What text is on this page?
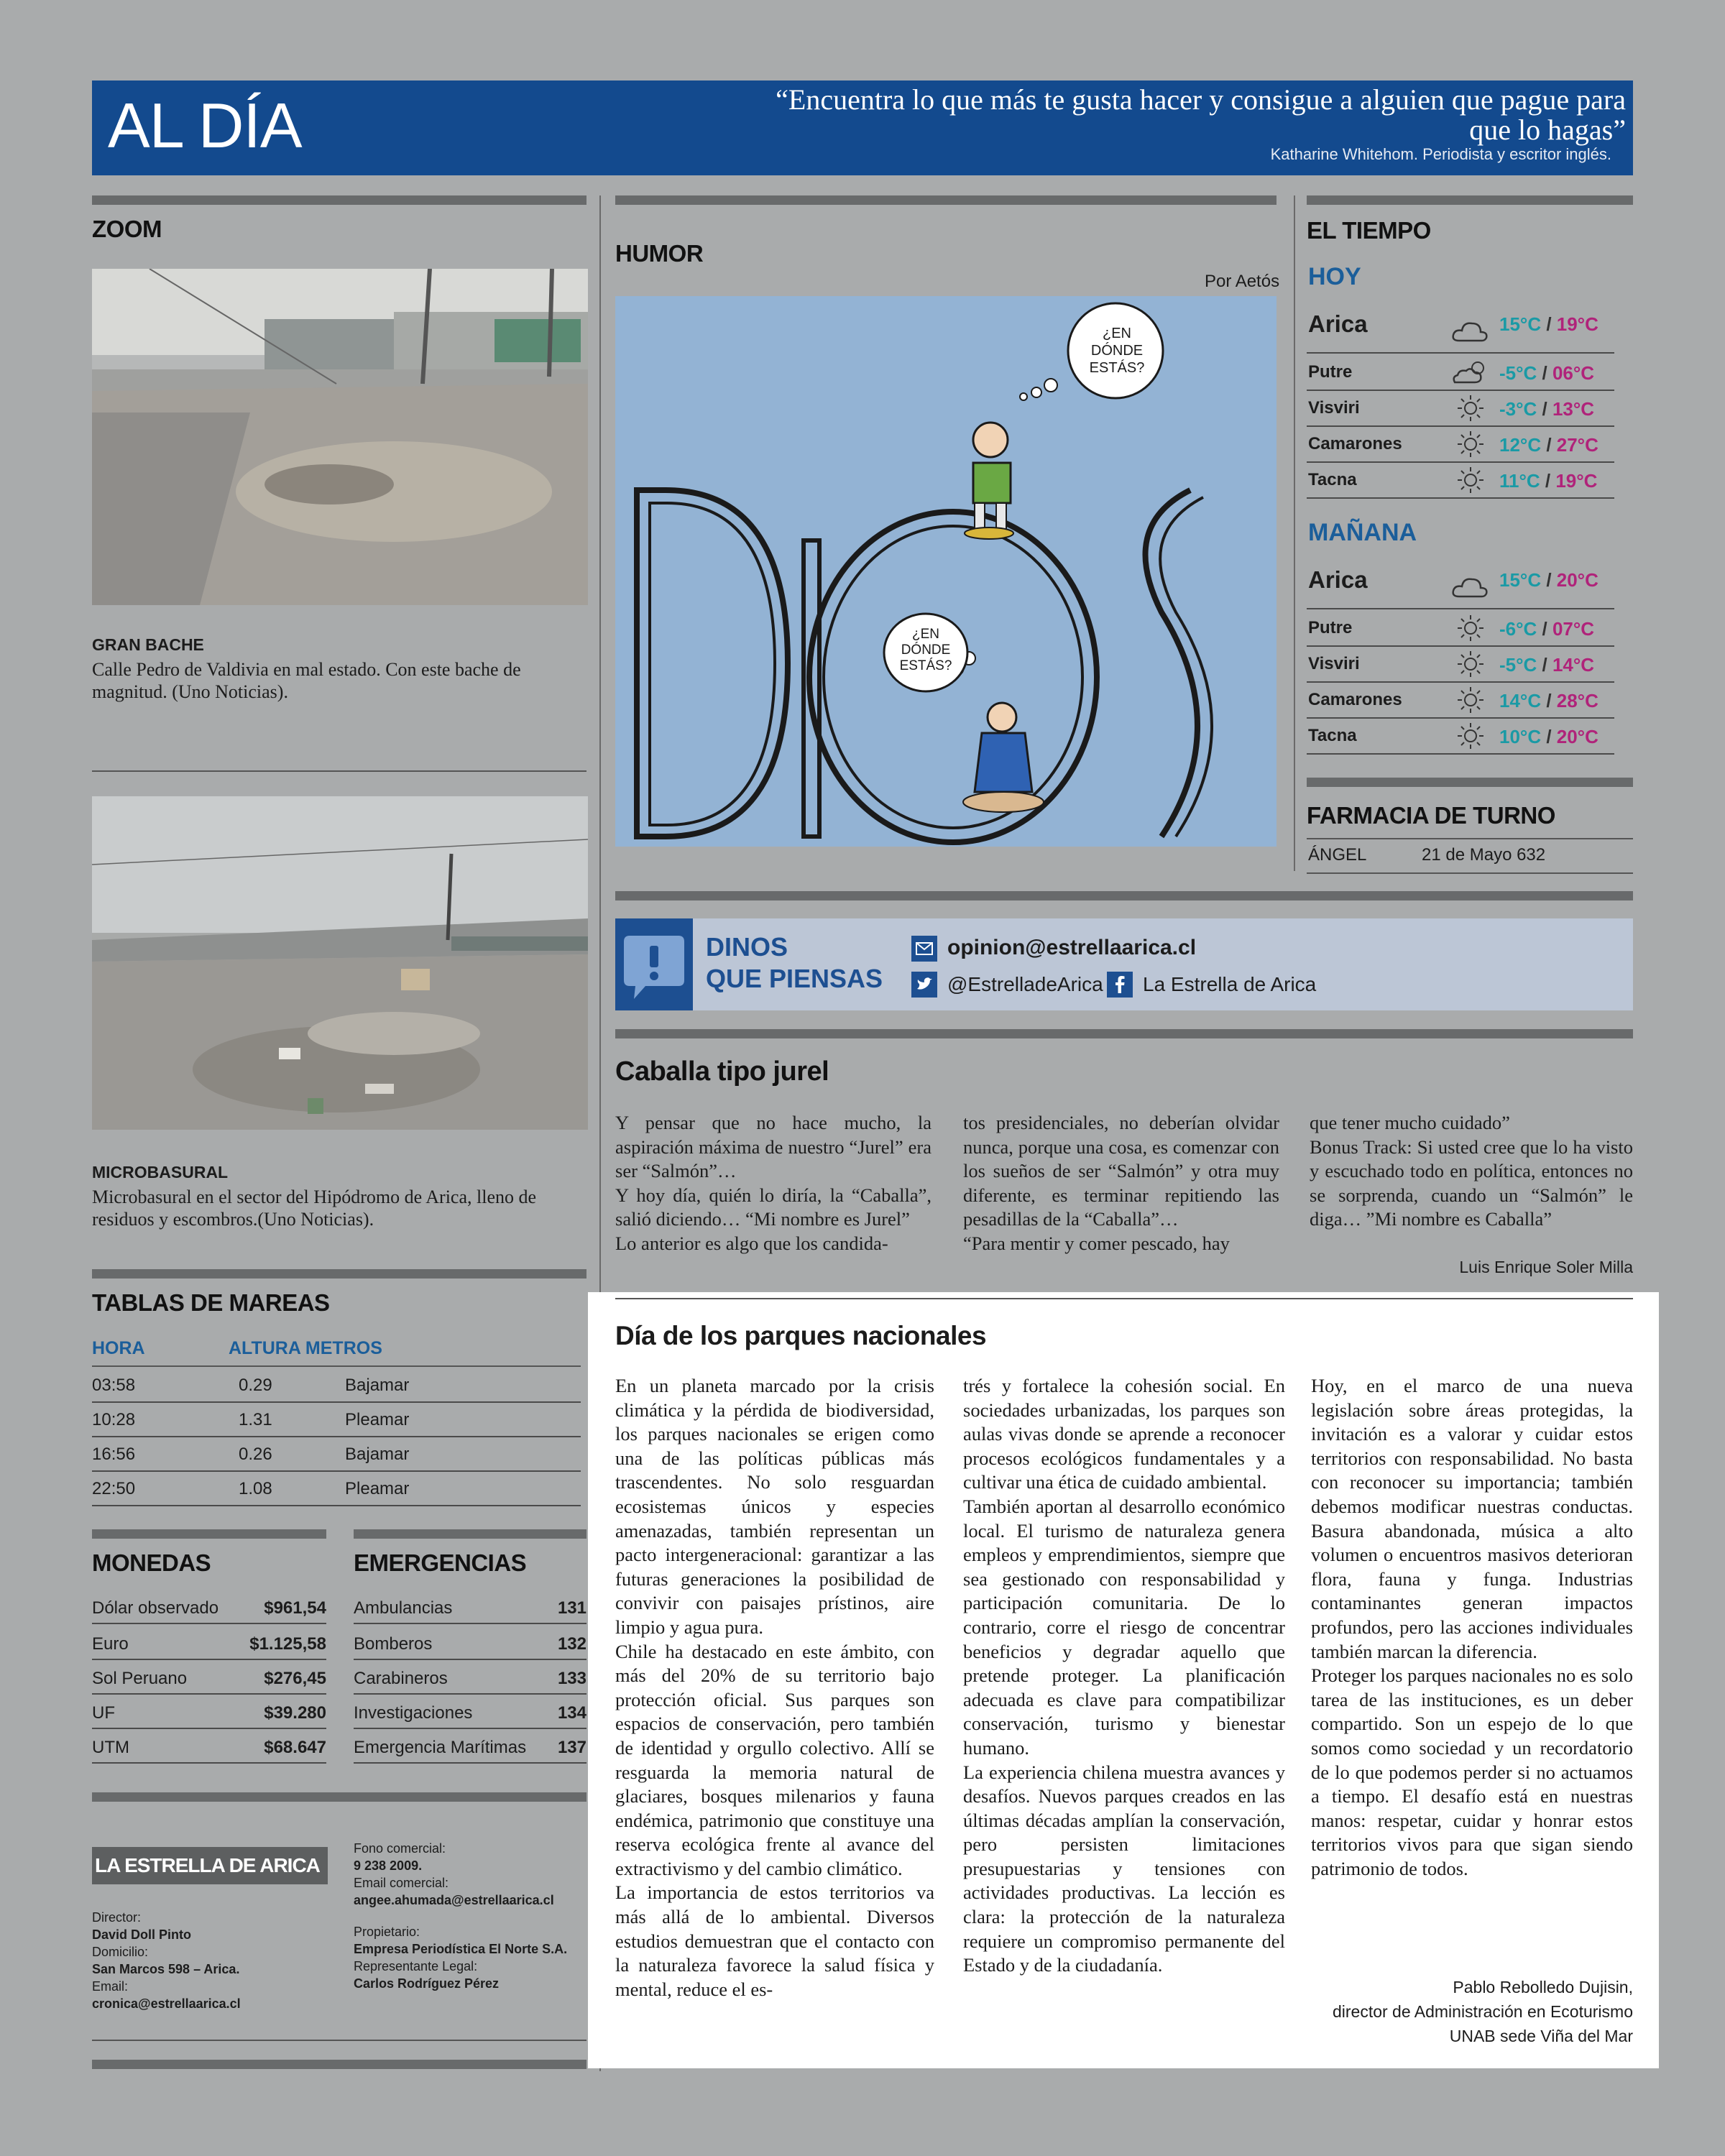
AL DÍA	“Encuentra lo que más te gusta hacer y consigue a alguien que pague para que lo hagas”
Katharine Whitehom. Periodista y escritor inglés.
ZOOM
GRAN BACHE
Calle Pedro de Valdivia en mal estado. Con este bache de magnitud. (Uno Noticias).
MICROBASURAL
Microbasural en el sector del Hipódromo de Arica, lleno de residuos y escombros.(Uno Noticias).
TABLAS DE MAREAS
HORA	ALTURA METROS
03:58	0.29	Bajamar
10:28	1.31	Pleamar
16:56	0.26	Bajamar
22:50	1.08	Pleamar
MONEDAS
Dólar observado	$961,54
Euro	$1.125,58
Sol Peruano	$276,45
UF	$39.280
UTM	$68.647
EMERGENCIAS
Ambulancias	131
Bomberos	132
Carabineros	133
Investigaciones	134
Emergencia Marítimas 137
LA ESTRELLA DE ARICA
Director:
David Doll Pinto
Domicilio:
San Marcos 598 – Arica.
Email:
cronica@estrellaarica.cl
Fono comercial:
9 238 2009.
Email comercial:
angee.ahumada@estrellaarica.cl
Propietario:
Empresa Periodística El Norte S.A.
Representante Legal:
Carlos Rodríguez Pérez
HUMOR
Por Aetós
¿EN DÓNDE ESTÁS?
¿EN DÓNDE ESTÁS?
EL TIEMPO
HOY
Arica	15°C / 19°C
Putre	-5°C / 06°C
Visviri	-3°C / 13°C
Camarones	12°C / 27°C
Tacna	11°C / 19°C
MAÑANA
Arica	15°C / 20°C
Putre	-6°C / 07°C
Visviri	-5°C / 14°C
Camarones	14°C / 28°C
Tacna	10°C / 20°C
FARMACIA DE TURNO
ÁNGEL	21 de Mayo 632
DINOS
QUE PIENSAS
opinion@estrellaarica.cl
@EstrelladeArica La Estrella de Arica
Caballa tipo jurel
Y pensar que no hace mucho, la aspiración máxima de nuestro “Jurel” era ser “Salmón”…
Y hoy día, quién lo diría, la “Caballa”, salió diciendo… “Mi nombre es Jurel”
Lo anterior es algo que los candida-
tos presidenciales, no deberían olvidar nunca, porque una cosa, es comenzar con los sueños de ser “Salmón” y otra muy diferente, es terminar repitiendo las pesadillas de la “Caballa”…
“Para mentir y comer pescado, hay
que tener mucho cuidado”
Bonus Track: Si usted cree que lo ha visto y escuchado todo en política, entonces no se sorprenda, cuando un “Salmón” le diga… ”Mi nombre es Caballa”
Luis Enrique Soler Milla
Día de los parques nacionales
En un planeta marcado por la crisis climática y la pérdida de biodiversidad, los parques nacionales se erigen como una de las políticas públicas más trascendentes. No solo resguardan ecosistemas únicos y especies amenazadas, también representan un pacto intergeneracional: garantizar a las futuras generaciones la posibilidad de convivir con paisajes prístinos, aire limpio y agua pura.
Chile ha destacado en este ámbito, con más del 20% de su territorio bajo protección oficial. Sus parques son espacios de conservación, pero también de identidad y orgullo colectivo. Allí se resguarda la memoria natural de glaciares, bosques milenarios y fauna endémica, patrimonio que constituye una reserva ecológica frente al avance del extractivismo y del cambio climático.
La importancia de estos territorios va más allá de lo ambiental. Diversos estudios demuestran que el contacto con la naturaleza favorece la salud física y mental, reduce el es-
trés y fortalece la cohesión social. En sociedades urbanizadas, los parques son aulas vivas donde se aprende a reconocer procesos ecológicos fundamentales y a cultivar una ética de cuidado ambiental.
También aportan al desarrollo económico local. El turismo de naturaleza genera empleos y emprendimientos, siempre que sea gestionado con responsabilidad y participación comunitaria. De lo contrario, corre el riesgo de concentrar beneficios y degradar aquello que pretende proteger. La planificación adecuada es clave para compatibilizar conservación, turismo y bienestar humano.
La experiencia chilena muestra avances y desafíos. Nuevos parques creados en las últimas décadas amplían la conservación, pero persisten limitaciones presupuestarias y tensiones con actividades productivas. La lección es clara: la protección de la naturaleza requiere un compromiso permanente del Estado y de la ciudadanía.
Hoy, en el marco de una nueva legislación sobre áreas protegidas, la invitación es a valorar y cuidar estos territorios con responsabilidad. No basta con reconocer su importancia; también debemos modificar nuestras conductas. Basura abandonada, música a alto volumen o encuentros masivos deterioran flora, fauna y funga. Industrias contaminantes generan impactos profundos, pero las acciones individuales también marcan la diferencia.
Proteger los parques nacionales no es solo tarea de las instituciones, es un deber compartido. Son un espejo de lo que somos como sociedad y un recordatorio de lo que podemos perder si no actuamos a tiempo. El desafío está en nuestras manos: respetar, cuidar y honrar estos territorios vivos para que sigan siendo patrimonio de todos.
Pablo Rebolledo Dujisin,
director de Administración en Ecoturismo
UNAB sede Viña del Mar
